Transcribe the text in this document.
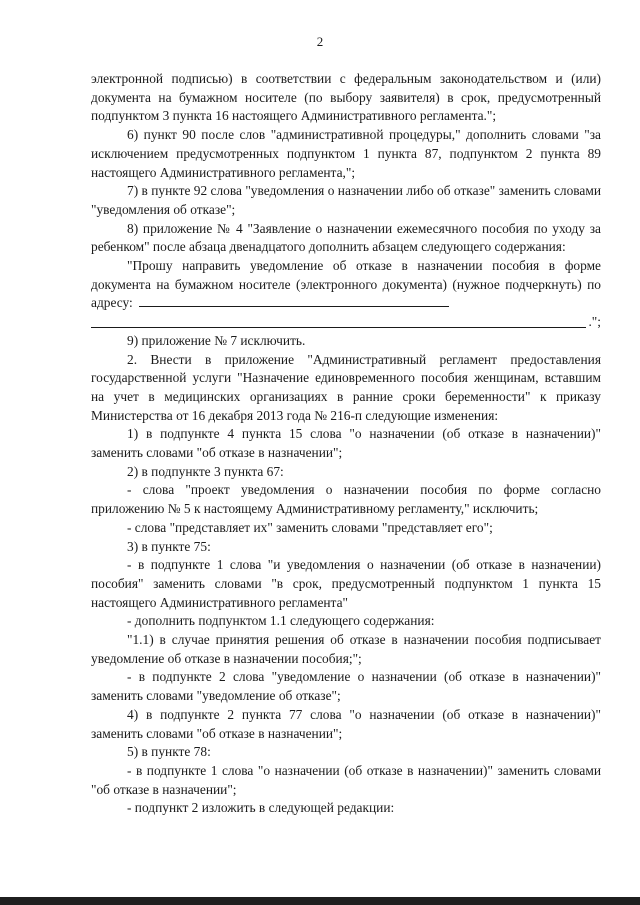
2

электронной подписью) в соответствии с федеральным законодательством и (или) документа на бумажном носителе (по выбору заявителя) в срок, предусмотренный подпунктом 3 пункта 16 настоящего Административного регламента.";

6) пункт 90 после слов "административной процедуры," дополнить словами "за исключением предусмотренных подпунктом 1 пункта 87, подпунктом 2 пункта 89 настоящего Административного регламента,";

7) в пункте 92 слова "уведомления о назначении либо об отказе" заменить словами "уведомления об отказе";

8) приложение № 4 "Заявление о назначении ежемесячного пособия по уходу за ребенком" после абзаца двенадцатого дополнить абзацем следующего содержания:

"Прошу направить уведомление об отказе в назначении пособия в форме документа на бумажном носителе (электронного документа) (нужное подчеркнуть) по адресу:

.";

9) приложение № 7 исключить.

2. Внести в приложение "Административный регламент предоставления государственной услуги "Назначение единовременного пособия женщинам, вставшим на учет в медицинских организациях в ранние сроки беременности" к приказу Министерства от 16 декабря 2013 года № 216-п следующие изменения:

1) в подпункте 4 пункта 15 слова "о назначении (об отказе в назначении)" заменить словами "об отказе в назначении";

2) в подпункте 3 пункта 67:

- слова "проект уведомления о назначении пособия по форме согласно приложению № 5 к настоящему Административному регламенту," исключить;

- слова "представляет их" заменить словами "представляет его";

3) в пункте 75:

- в подпункте 1 слова "и уведомления о назначении (об отказе в назначении) пособия" заменить словами "в срок, предусмотренный подпунктом 1 пункта 15 настоящего Административного регламента"

- дополнить подпунктом 1.1 следующего содержания:

"1.1) в случае принятия решения об отказе в назначении пособия подписывает уведомление об отказе в назначении пособия;";

- в подпункте 2 слова "уведомление о назначении (об отказе в назначении)" заменить словами "уведомление об отказе";

4) в подпункте 2 пункта 77 слова "о назначении (об отказе в назначении)" заменить словами "об отказе в назначении";

5) в пункте 78:

- в подпункте 1 слова "о назначении (об отказе в назначении)" заменить словами "об отказе в назначении";

- подпункт 2 изложить в следующей редакции:
